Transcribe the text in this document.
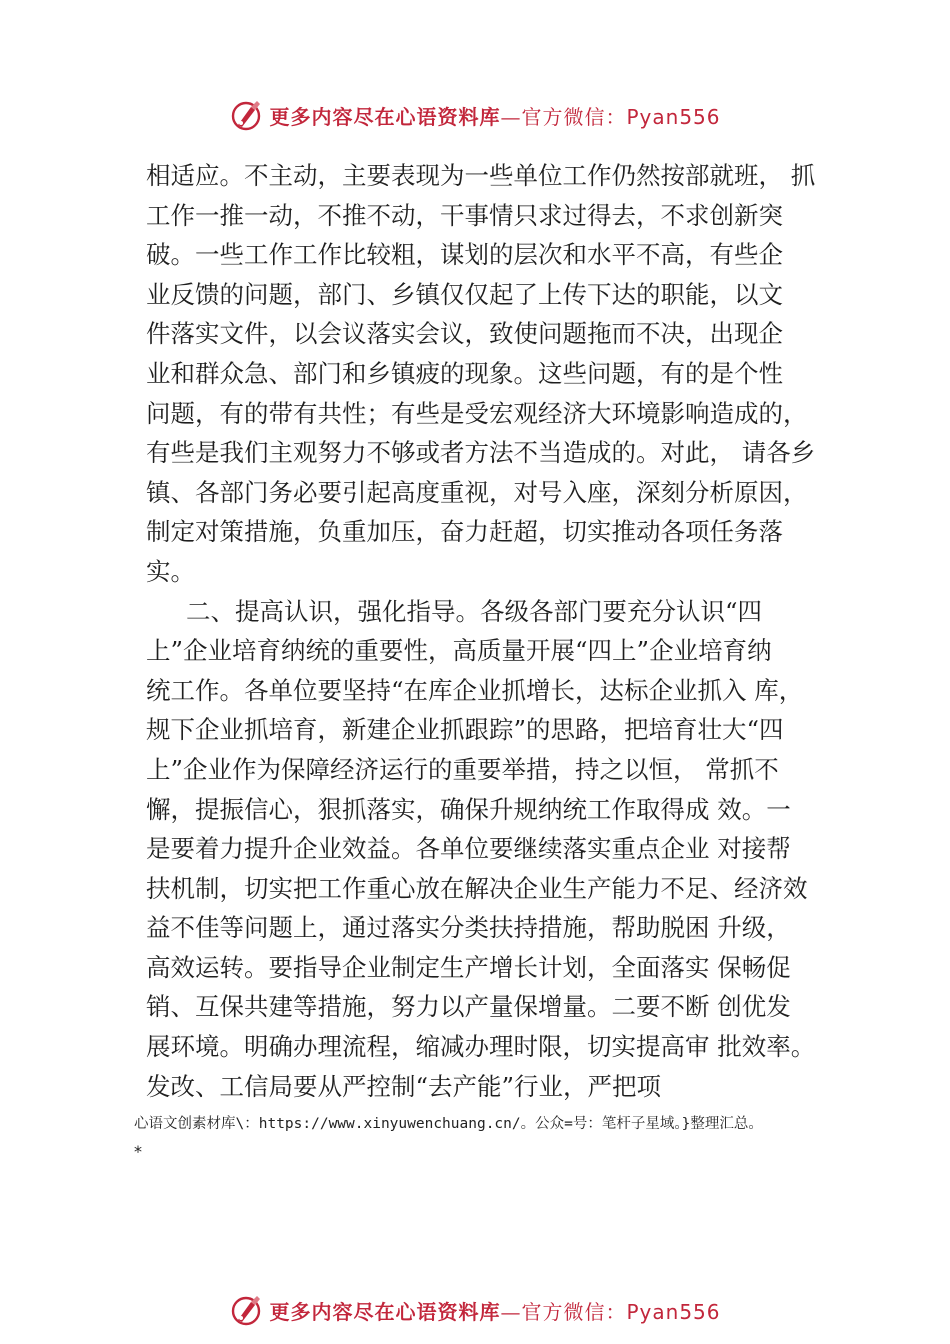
更多内容尽在心语资料库—官方微信：Pyan556
相适应。不主动，主要表现为一些单位工作仍然按部就班， 抓
工作一推一动，不推不动，干事情只求过得去，不求创新突
破。一些工作工作比较粗，谋划的层次和水平不高，有些企
业反馈的问题，部门、乡镇仅仅起了上传下达的职能，以文
件落实文件，以会议落实会议，致使问题拖而不决，出现企
业和群众急、部门和乡镇疲的现象。这些问题，有的是个性
问题，有的带有共性；有些是受宏观经济大环境影响造成的，
有些是我们主观努力不够或者方法不当造成的。对此， 请各乡
镇、各部门务必要引起高度重视，对号入座，深刻分析原因，
制定对策措施，负重加压，奋力赶超，切实推动各项任务落
实。
二、提高认识，强化指导。各级各部门要充分认识“四
上”企业培育纳统的重要性，高质量开展“四上”企业培育纳
统工作。各单位要坚持“在库企业抓增长，达标企业抓入 库，
规下企业抓培育，新建企业抓跟踪”的思路，把培育壮大“四
上”企业作为保障经济运行的重要举措，持之以恒， 常抓不
懈，提振信心，狠抓落实，确保升规纳统工作取得成 效。一
是要着力提升企业效益。各单位要继续落实重点企业 对接帮
扶机制，切实把工作重心放在解决企业生产能力不足、经济效
益不佳等问题上，通过落实分类扶持措施，帮助脱困 升级，
高效运转。要指导企业制定生产增长计划，全面落实 保畅促
销、互保共建等措施，努力以产量保增量。二要不断 创优发
展环境。明确办理流程，缩减办理时限，切实提高审 批效率。
发改、工信局要从严控制“去产能”行业，严把项
心语文创素材库\：https://www.xinyuwenchuang.cn/。公众=号：笔杆子星域。}整理汇总。
*
更多内容尽在心语资料库—官方微信：Pyan556
